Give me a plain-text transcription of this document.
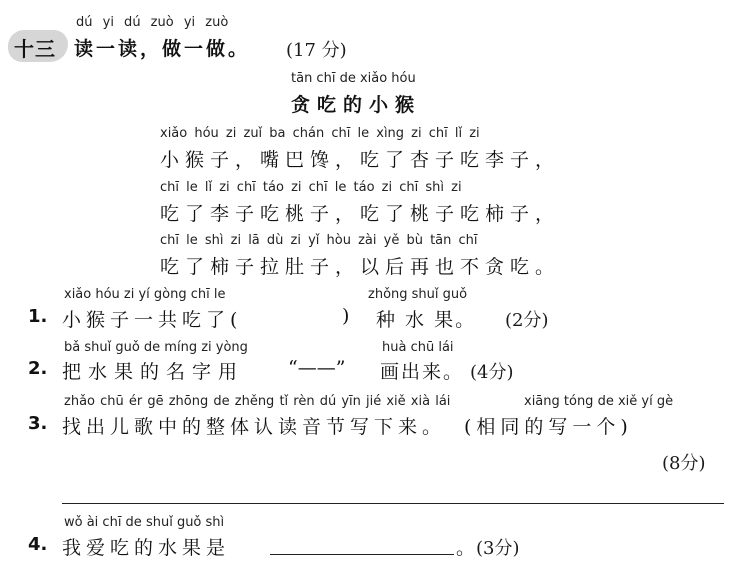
十三
dú yi dú zuò yi zuò
读一读，做一做。 (17 分)
tān chī de xiǎo hóu
贪吃的小猴
xiǎo hóu zi zuǐ ba chán chī le xìng zi chī lǐ zi
小猴子，嘴巴馋，吃了杏子吃李子，
chī le lǐ zi chī táo zi chī le táo zi chī shì zi
吃了李子吃桃子，吃了桃子吃柿子，
chī le shì zi lā dù zi yǐ hòu zài yě bù tān chī
吃了柿子拉肚子，以后再也不贪吃。
xiǎo hóu zi yí gòng chī le	zhǒng shuǐ guǒ
1. 小猴子一共吃了(	) 种 水 果。 (2分)
bǎ shuǐ guǒ de míng zi yòng	huà chū lái
2. 把水果的名字用 “——” 画出来。 (4分)
zhǎo chū ér gē zhōng de zhěng tǐ rèn dú yīn jié xiě xià lái	xiāng tóng de xiě yí gè
3. 找出儿歌中的整体认读音节写下来。 (相同的写一个)
(8分)
wǒ ài chī de shuǐ guǒ shì
4. 我爱吃的水果是	。
(3分)
